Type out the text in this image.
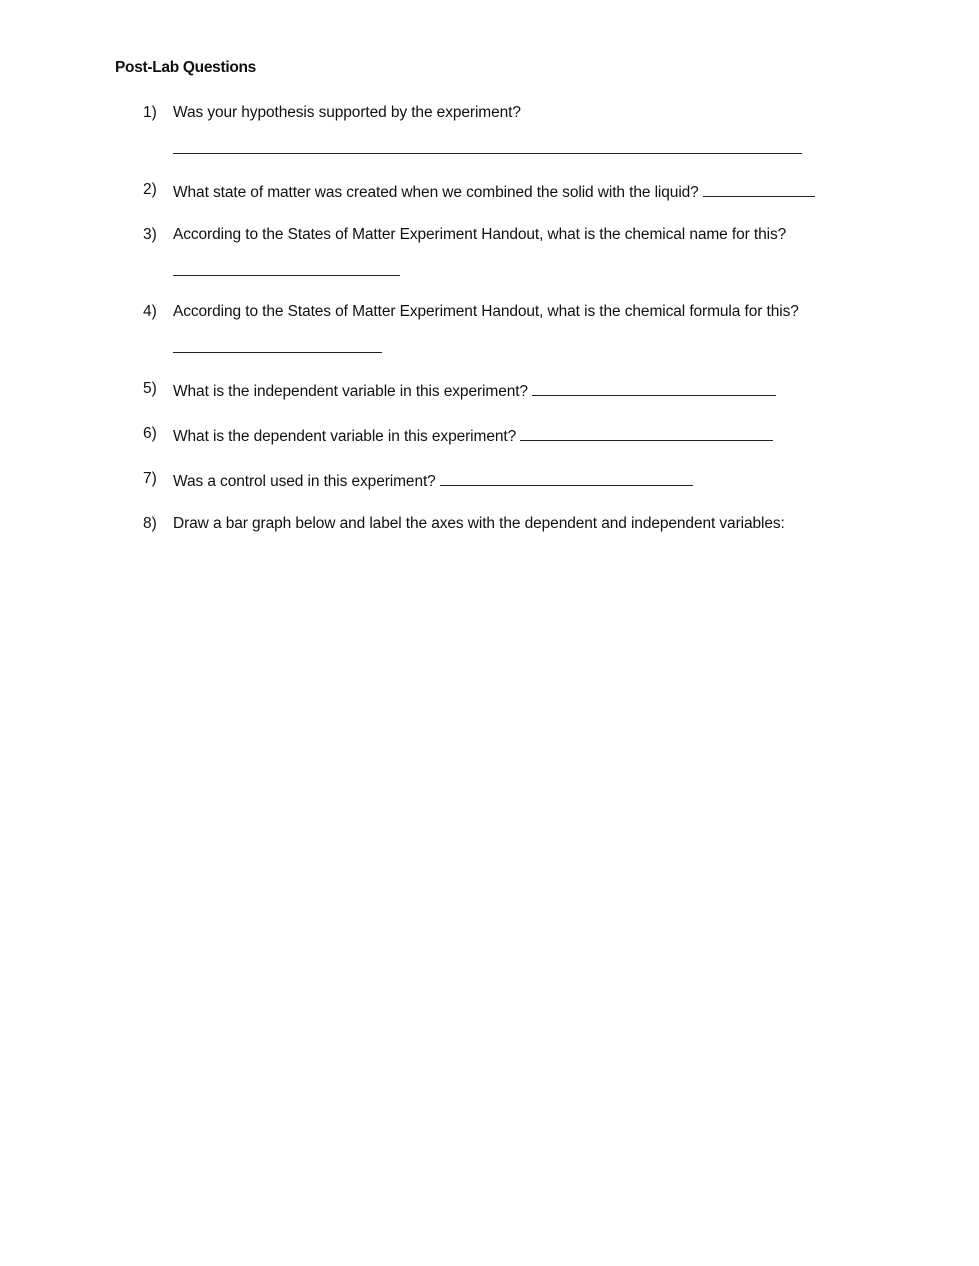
Post-Lab Questions
1) Was your hypothesis supported by the experiment?
2) What state of matter was created when we combined the solid with the liquid?
3) According to the States of Matter Experiment Handout, what is the chemical name for this?
4) According to the States of Matter Experiment Handout, what is the chemical formula for this?
5) What is the independent variable in this experiment?
6) What is the dependent variable in this experiment?
7) Was a control used in this experiment?
8) Draw a bar graph below and label the axes with the dependent and independent variables:
